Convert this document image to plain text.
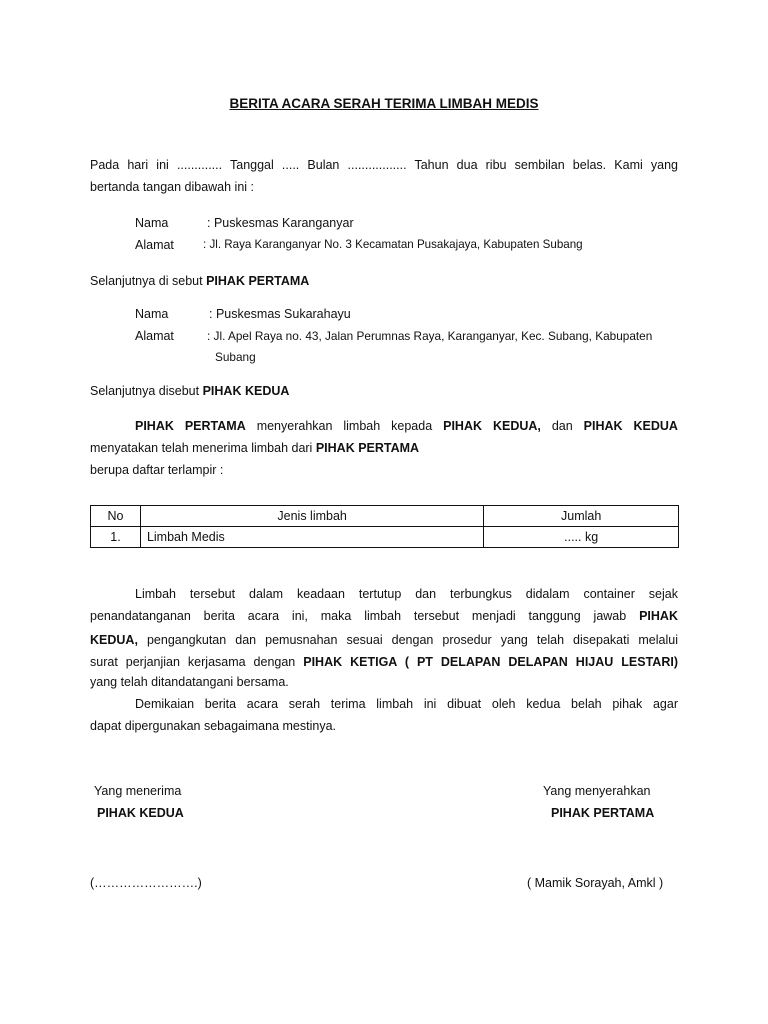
BERITA ACARA SERAH TERIMA LIMBAH MEDIS
Pada hari ini ............. Tanggal ..... Bulan ................. Tahun dua ribu sembilan belas. Kami yang
bertanda tangan dibawah ini :
Nama	: Puskesmas Karanganyar
Alamat	: Jl. Raya Karanganyar No. 3 Kecamatan Pusakajaya, Kabupaten Subang
Selanjutnya di sebut PIHAK PERTAMA
Nama	: Puskesmas Sukarahayu
Alamat	: Jl. Apel Raya no. 43, Jalan Perumnas Raya, Karanganyar, Kec. Subang, Kabupaten
Subang
Selanjutnya disebut PIHAK KEDUA
PIHAK PERTAMA menyerahkan limbah kepada PIHAK KEDUA, dan PIHAK KEDUA
menyatakan telah menerima limbah dari PIHAK PERTAMA
berupa daftar terlampir :
No	Jenis limbah	Jumlah
1.	Limbah Medis	..... kg
Limbah tersebut dalam keadaan tertutup dan terbungkus didalam container sejak
penandatanganan berita acara ini, maka limbah tersebut menjadi tanggung jawab PIHAK
KEDUA, pengangkutan dan pemusnahan sesuai dengan prosedur yang telah disepakati melalui
surat perjanjian kerjasama dengan PIHAK KETIGA ( PT DELAPAN DELAPAN HIJAU LESTARI)
yang telah ditandatangani bersama.
Demikaian berita acara serah terima limbah ini dibuat oleh kedua belah pihak agar
dapat dipergunakan sebagaimana mestinya.
Yang menerima
PIHAK KEDUA
(…………………….)
Yang menyerahkan
PIHAK PERTAMA
( Mamik Sorayah, Amkl )
